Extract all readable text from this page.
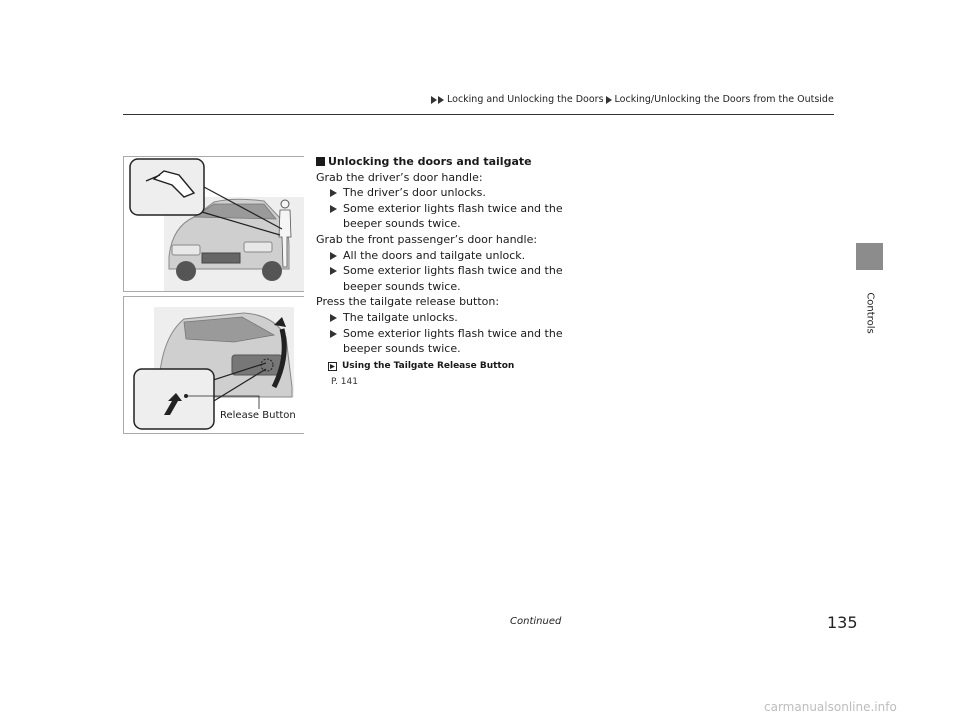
Locking and Unlocking the Doors Locking/Unlocking the Doors from the Outside
Controls
Release Button
Unlocking the doors and tailgate
Grab the driver’s door handle:
The driver’s door unlocks.
Some exterior lights flash twice and the beeper sounds twice.
Grab the front passenger’s door handle:
All the doors and tailgate unlock.
Some exterior lights flash twice and the beeper sounds twice.
Press the tailgate release button:
The tailgate unlocks.
Some exterior lights flash twice and the beeper sounds twice.
Using the Tailgate Release Button
P. 141
Continued	135
carmanualsonline.info
